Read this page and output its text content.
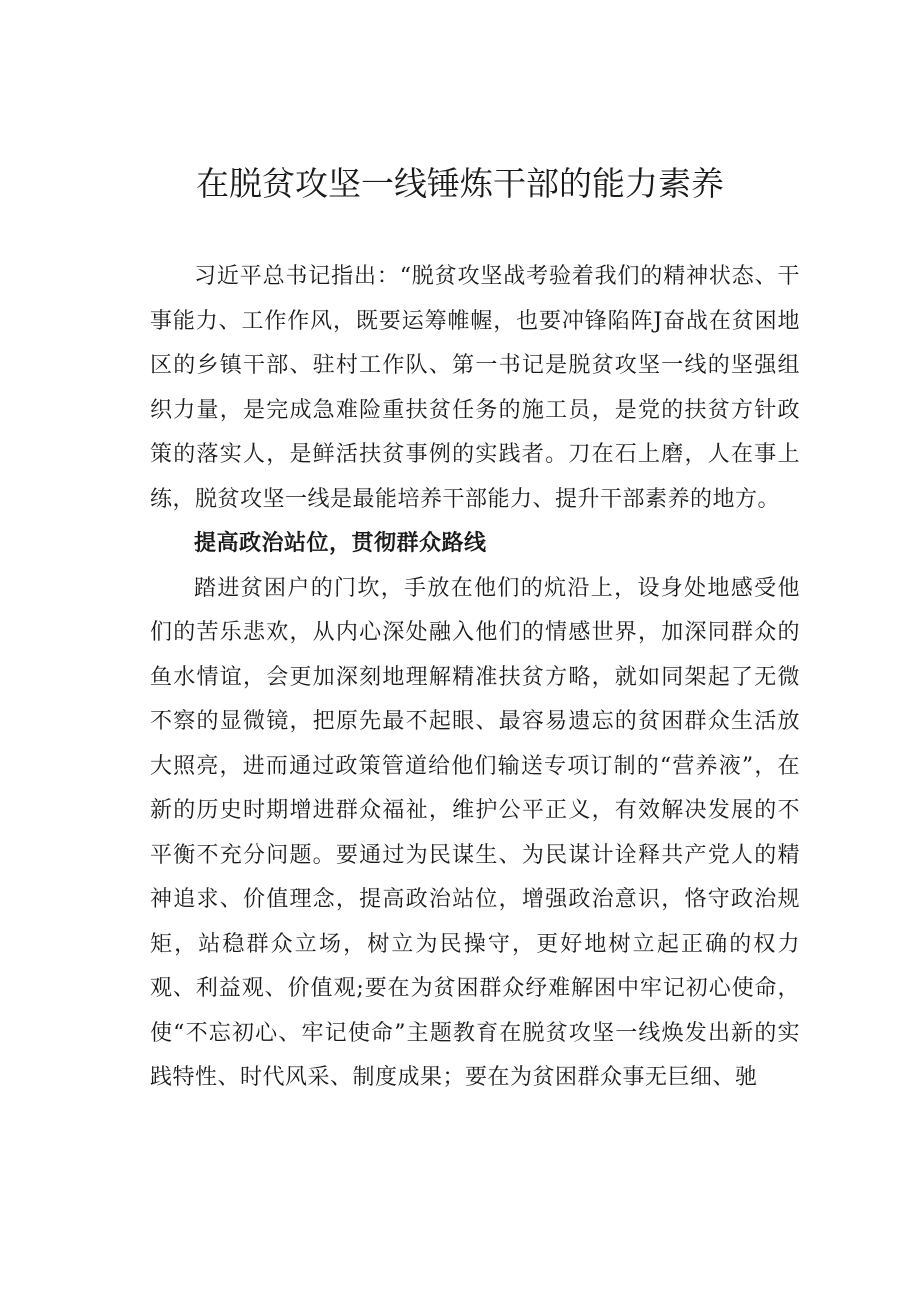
在脱贫攻坚一线锤炼干部的能力素养

习近平总书记指出：“脱贫攻坚战考验着我们的精神状态、干事能力、工作作风，既要运筹帷幄，也要冲锋陷阵J奋战在贫困地区的乡镇干部、驻村工作队、第一书记是脱贫攻坚一线的坚强组织力量，是完成急难险重扶贫任务的施工员，是党的扶贫方针政策的落实人，是鲜活扶贫事例的实践者。刀在石上磨，人在事上练，脱贫攻坚一线是最能培养干部能力、提升干部素养的地方。

提高政治站位，贯彻群众路线

踏进贫困户的门坎，手放在他们的炕沿上，设身处地感受他们的苦乐悲欢，从内心深处融入他们的情感世界，加深同群众的鱼水情谊，会更加深刻地理解精准扶贫方略，就如同架起了无微不察的显微镜，把原先最不起眼、最容易遗忘的贫困群众生活放大照亮，进而通过政策管道给他们输送专项订制的“营养液”，在新的历史时期增进群众福祉，维护公平正义，有效解决发展的不平衡不充分问题。要通过为民谋生、为民谋计诠释共产党人的精神追求、价值理念，提高政治站位，增强政治意识，恪守政治规矩，站稳群众立场，树立为民操守，更好地树立起正确的权力观、利益观、价值观;要在为贫困群众纾难解困中牢记初心使命，使“不忘初心、牢记使命”主题教育在脱贫攻坚一线焕发出新的实践特性、时代风采、制度成果；要在为贫困群众事无巨细、驰
